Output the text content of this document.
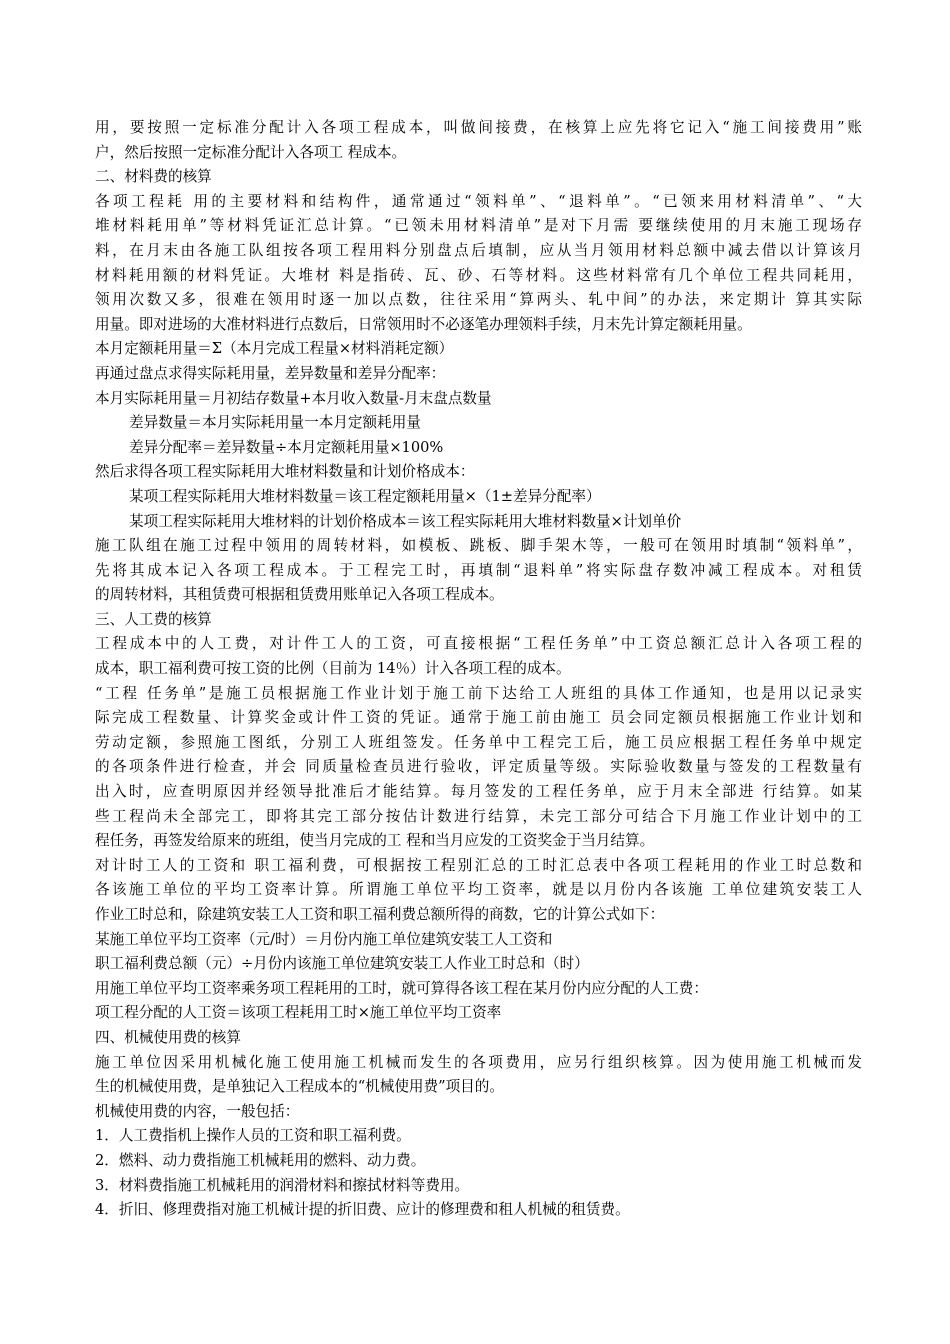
用，要按照一定标准分配计入各项工程成本，叫做间接费，在核算上应先将它记入“施工间接费用”账
户，然后按照一定标准分配计入各项工 程成本。
二、材料费的核算
各项工程耗 用的主要材料和结构件，通常通过“领料单”、“退料单”。“已领来用材料清单”、“大
堆材料耗用单”等材料凭证汇总计算。“已领未用材料清单”是对下月需 要继续使用的月末施工现场存
料，在月末由各施工队组按各项工程用料分别盘点后填制，应从当月领用材料总额中减去借以计算该月
材料耗用额的材料凭证。大堆材 料是指砖、瓦、砂、石等材料。这些材料常有几个单位工程共同耗用，
领用次数又多，很难在领用时逐一加以点数，往往采用“算两头、轧中间”的办法，来定期计 算其实际
用量。即对进场的大准材料进行点数后，日常领用时不必逐笔办理领料手续，月末先计算定额耗用量。
本月定额耗用量＝Σ（本月完成工程量×材料消耗定额）
再通过盘点求得实际耗用量，差异数量和差异分配率：
本月实际耗用量＝月初结存数量+本月收入数量-月末盘点数量
差异数量＝本月实际耗用量一本月定额耗用量
差异分配率＝差异数量÷本月定额耗用量×100%
然后求得各项工程实际耗用大堆材料数量和计划价格成本：
某项工程实际耗用大堆材料数量＝该工程定额耗用量×（1±差异分配率）
某项工程实际耗用大堆材料的计划价格成本＝该工程实际耗用大堆材料数量×计划单价
施工队组在施工过程中领用的周转材料，如模板、跳板、脚手架木等，一般可在领用时填制“领料单”，
先将其成本记入各项工程成本。于工程完工时，再填制“退料单”将实际盘存数冲减工程成本。对租赁
的周转材料，其租赁费可根据租赁费用账单记入各项工程成本。
三、人工费的核算
工程成本中的人工费，对计件工人的工资，可直接根据“工程任务单”中工资总额汇总计入各项工程的
成本，职工福利费可按工资的比例（目前为 14％）计入各项工程的成本。
“工程 任务单”是施工员根据施工作业计划于施工前下达给工人班组的具体工作通知，也是用以记录实
际完成工程数量、计算奖金或计件工资的凭证。通常于施工前由施工 员会同定额员根据施工作业计划和
劳动定额，参照施工图纸，分别工人班组签发。任务单中工程完工后，施工员应根据工程任务单中规定
的各项条件进行检查，并会 同质量检查员进行验收，评定质量等级。实际验收数量与签发的工程数量有
出入时，应查明原因并经领导批准后才能结算。每月签发的工程任务单，应于月末全部进 行结算。如某
些工程尚未全部完工，即将其完工部分按估计数进行结算，未完工部分可结合下月施工作业计划中的工
程任务，再签发给原来的班组，使当月完成的工 程和当月应发的工资奖金于当月结算。
对计时工人的工资和 职工福利费，可根据按工程别汇总的工时汇总表中各项工程耗用的作业工时总数和
各该施工单位的平均工资率计算。所谓施工单位平均工资率，就是以月份内各该施 工单位建筑安装工人
作业工时总和，除建筑安装工人工资和职工福利费总额所得的商数，它的计算公式如下：
某施工单位平均工资率（元/时）＝月份内施工单位建筑安装工人工资和
职工福利费总额（元）÷月份内该施工单位建筑安装工人作业工时总和（时）
用施工单位平均工资率乘务项工程耗用的工时，就可算得各该工程在某月份内应分配的人工费：
项工程分配的人工资＝该项工程耗用工时×施工单位平均工资率
四、机械使用费的核算
施工单位因采用机械化施工使用施工机械而发生的各项费用，应另行组织核算。因为使用施工机械而发
生的机械使用费，是单独记入工程成本的“机械使用费”项目的。
机械使用费的内容，一般包括：
1．人工费指机上操作人员的工资和职工福利费。
2．燃料、动力费指施工机械耗用的燃料、动力费。
3．材料费指施工机械耗用的润滑材料和擦拭材料等费用。
4．折旧、修理费指对施工机械计提的折旧费、应计的修理费和租人机械的租赁费。
